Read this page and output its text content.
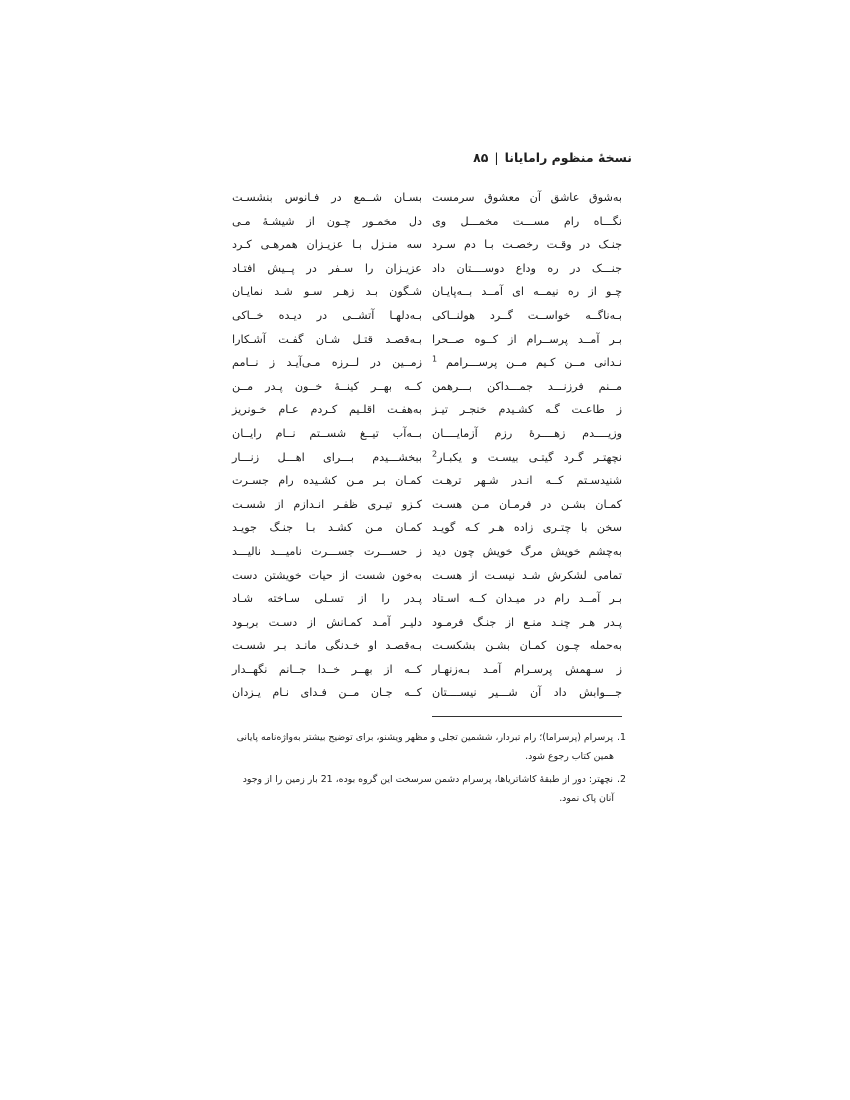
نسخهٔ منظوم رامایانا|۸۵
به‌شوق عاشق آن معشوق سرمست
نگـــاه رام مســـت مخمـــل وی
جنـک در وقـت رخصـت بـا دم سـرد
جنـــک در ره وداع دوســــتان داد
چـو از ره نیمــه ای آمــد بــه‌پایـان
بـه‌ناگــه خواســت گــرد هولنــاکی
بـر آمــد پرســرام از کــوه صــحرا
نـدانی مــن کـیم مــن پرســـرامم $^1$
مــنم فرزنـــد جمـــداکن بـــرهمن
ز طاعـت گـه کشـیدم خنجـر تیـز
وزیــــدم زهــــرهٔ رزم آزمایــــان
نچهتـر گـرد گیتـی بیسـت و یکبـار$^2$
شنیدسـتم کــه انـدر شـهر ترهـت
کمـان بشـن در فرمـان مـن هسـت
سخن با چتـری زاده هـر کـه گویـد
به‌چشم خویش مرگ خویش چون دید
تمامی لشکرش شـد نیسـت از هسـت
بـر آمــد رام در میـدان کــه اسـتاد
پـدر هـر چنـد منـع از جنـگ فرمـود
به‌حمله چـون کمـان بشـن بشکسـت
ز سـهمش پرسـرام آمـد بـه‌زنهـار
جـــوابش داد آن شـــیر نیســــتان
بسـان شــمع در فـانوس بنشسـت
دل مخمـور چـون از شیشـهٔ مـی
سه منـزل بـا عزیـزان همرهـی کـرد
عزیـزان را سـفر در پــیش افتـاد
شـگون بـد زهـر سـو شـد نمایـان
بـه‌دلهـا آتشــی در دیـده خــاکی
بـه‌قصـد قتـل شـان گفـت آشـکارا
زمــین در لــرزه مـی‌آیـد ز نــامم
کــه بهــر کینــهٔ خــون پـدر مــن
به‌هفـت اقلـیم کـردم عـام خـونریز
بــه‌آب تیــغ شســتم نــام رایــان
ببخشـــیدم بـــرای اهـــل زنـــار
کمـان بـر مـن کشـیده رام جسـرت
کـزو تیـری ظفـر انـدازم از شسـت
کمـان مـن کشـد بـا جنـگ جویـد
ز حســـرت جســـرت نامیـــد نالیـــد
به‌خون شست از حیات خویشتن دست
پـدر را از تسـلی سـاخته شـاد
دلیـر آمـد کمـانش از دسـت بربـود
بـه‌قصـد او خـدنگی مانـد بـر شسـت
کــه از بهــر خــدا جــانم نگهــدار
کــه جـان مــن فـدای نـام یـزدان
1.پرسرام (پرسراما)؛ رام تبردار، ششمین تجلی و مظهر ویشنو، برای توضیح بیشتر به‌واژه‌نامه پایانی
همین کتاب رجوع شود.
2.نچهتر: دور از طبقهٔ کاشاتریاها، پرسرام دشمن سرسخت این گروه بوده، 21 بار زمین را از وجود
آنان پاک نمود.
